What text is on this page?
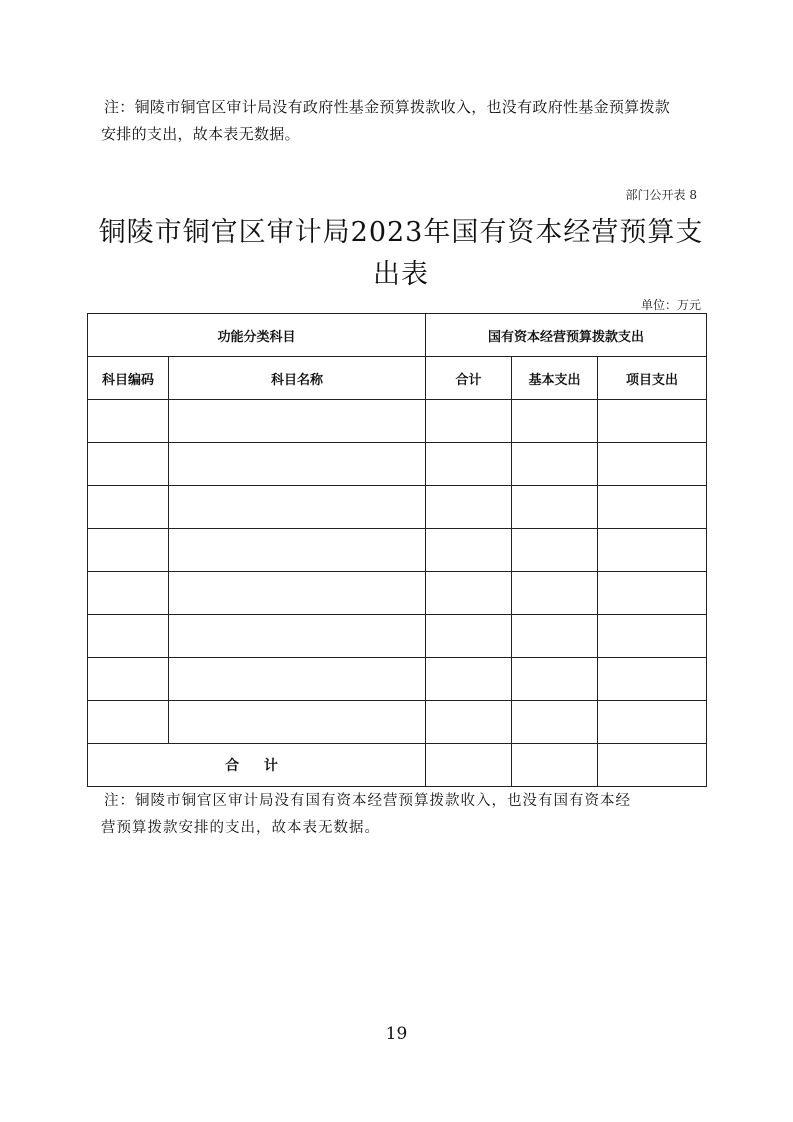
注：铜陵市铜官区审计局没有政府性基金预算拨款收入，也没有政府性基金预算拨款
安排的支出，故本表无数据。
部门公开表 8
铜陵市铜官区审计局2023年国有资本经营预算支
出表
单位：万元
功能分类科目		国有资本经营预算拨款支出		
科目编码	科目名称	合计	基本支出	项目支出

合 计				
注：铜陵市铜官区审计局没有国有资本经营预算拨款收入，也没有国有资本经
营预算拨款安排的支出，故本表无数据。
19
